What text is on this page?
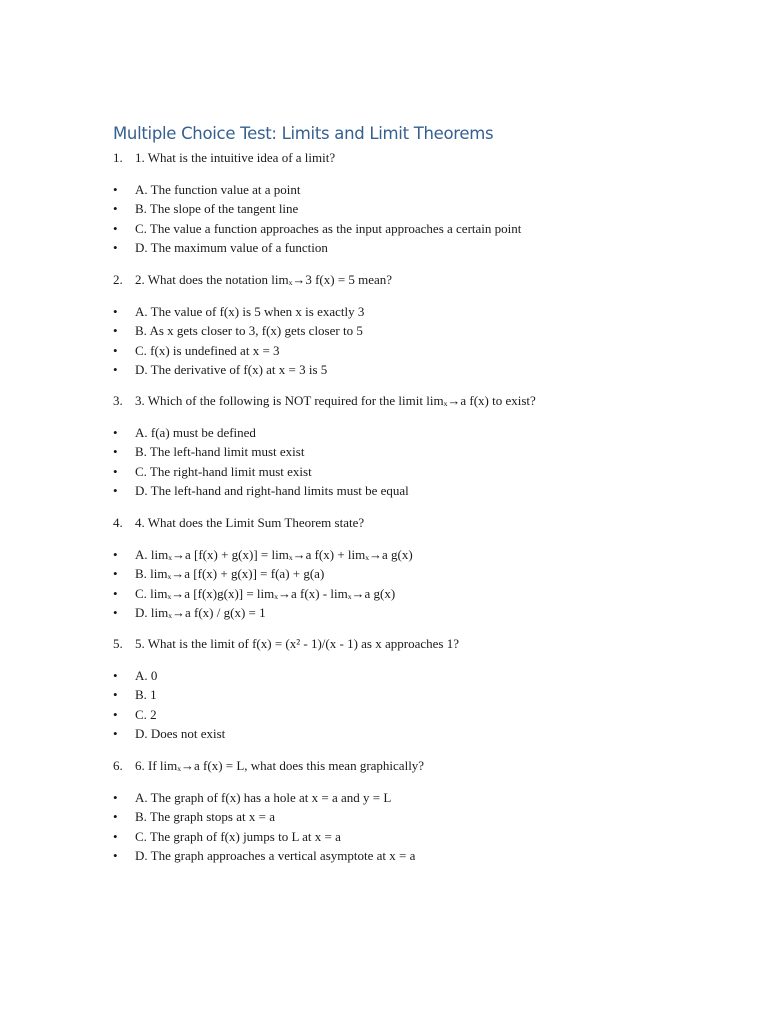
Multiple Choice Test: Limits and Limit Theorems
1. 1. What is the intuitive idea of a limit?
• A. The function value at a point
• B. The slope of the tangent line
• C. The value a function approaches as the input approaches a certain point
• D. The maximum value of a function
2. 2. What does the notation limₓ→3 f(x) = 5 mean?
• A. The value of f(x) is 5 when x is exactly 3
• B. As x gets closer to 3, f(x) gets closer to 5
• C. f(x) is undefined at x = 3
• D. The derivative of f(x) at x = 3 is 5
3. 3. Which of the following is NOT required for the limit limₓ→a f(x) to exist?
• A. f(a) must be defined
• B. The left-hand limit must exist
• C. The right-hand limit must exist
• D. The left-hand and right-hand limits must be equal
4. 4. What does the Limit Sum Theorem state?
• A. limₓ→a [f(x) + g(x)] = limₓ→a f(x) + limₓ→a g(x)
• B. limₓ→a [f(x) + g(x)] = f(a) + g(a)
• C. limₓ→a [f(x)g(x)] = limₓ→a f(x) - limₓ→a g(x)
• D. limₓ→a f(x) / g(x) = 1
5. 5. What is the limit of f(x) = (x² - 1)/(x - 1) as x approaches 1?
• A. 0
• B. 1
• C. 2
• D. Does not exist
6. 6. If limₓ→a f(x) = L, what does this mean graphically?
• A. The graph of f(x) has a hole at x = a and y = L
• B. The graph stops at x = a
• C. The graph of f(x) jumps to L at x = a
• D. The graph approaches a vertical asymptote at x = a
